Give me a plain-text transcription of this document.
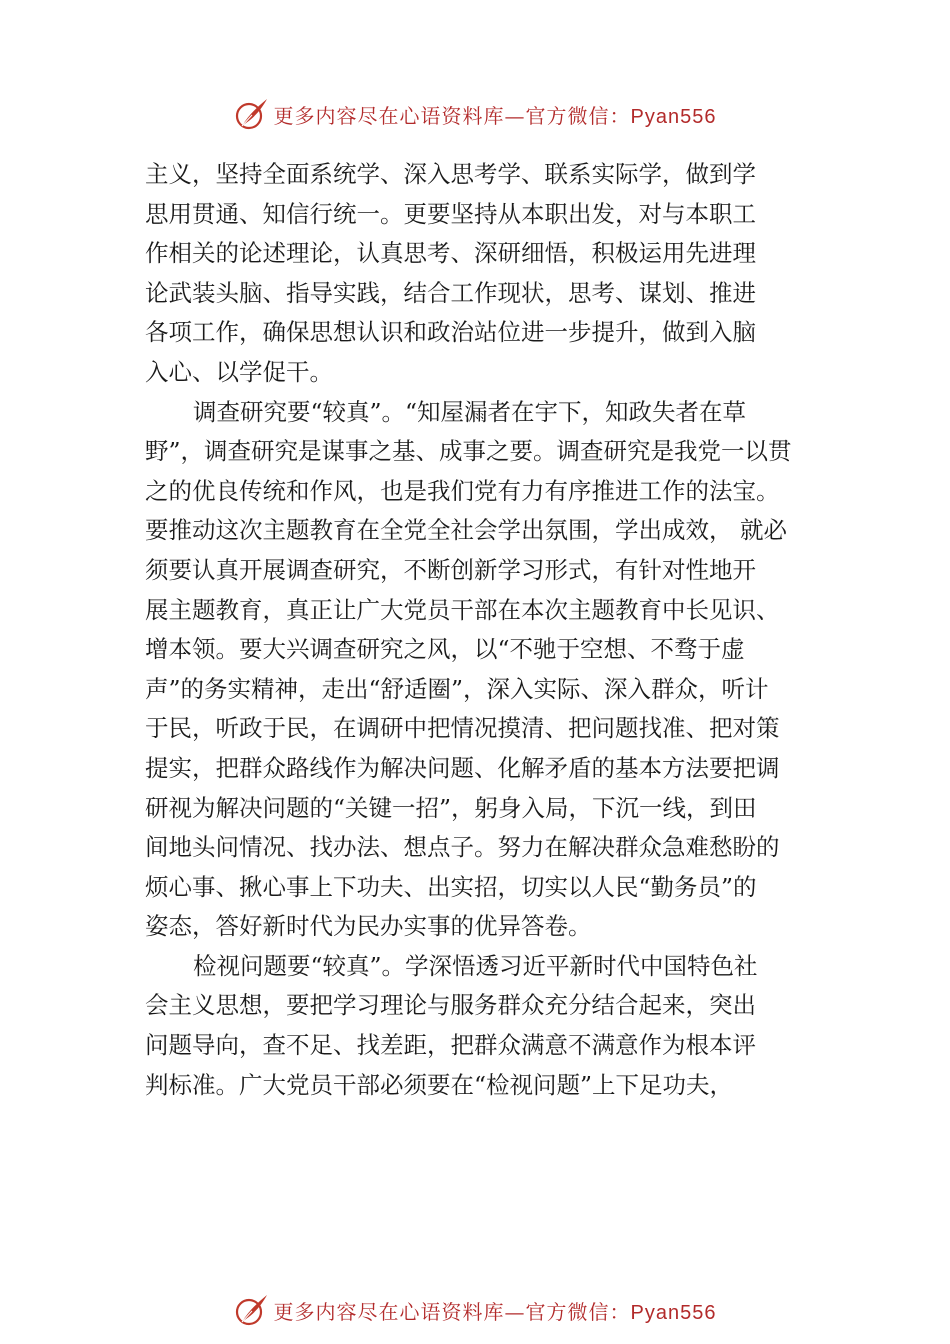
更多内容尽在心语资料库—官方微信：Pyan556
主义，坚持全面系统学、深入思考学、联系实际学，做到学
思用贯通、知信行统一。更要坚持从本职出发，对与本职工
作相关的论述理论，认真思考、深研细悟，积极运用先进理
论武装头脑、指导实践，结合工作现状，思考、谋划、推进
各项工作，确保思想认识和政治站位进一步提升，做到入脑
入心、以学促干。
调查研究要“较真”。“知屋漏者在宇下，知政失者在草
野”，调查研究是谋事之基、成事之要。调查研究是我党一以贯
之的优良传统和作风，也是我们党有力有序推进工作的法宝。
要推动这次主题教育在全党全社会学出氛围，学出成效， 就必
须要认真开展调查研究，不断创新学习形式，有针对性地开
展主题教育，真正让广大党员干部在本次主题教育中长见识、
增本领。要大兴调查研究之风，以“不驰于空想、不骛于虚
声”的务实精神，走出“舒适圈”，深入实际、深入群众，听计
于民，听政于民，在调研中把情况摸清、把问题找准、把对策
提实，把群众路线作为解决问题、化解矛盾的基本方法要把调
研视为解决问题的“关键一招”，躬身入局，下沉一线，到田
间地头问情况、找办法、想点子。努力在解决群众急难愁盼的
烦心事、揪心事上下功夫、出实招，切实以人民“勤务员”的
姿态，答好新时代为民办实事的优异答卷。
检视问题要“较真”。学深悟透习近平新时代中国特色社
会主义思想，要把学习理论与服务群众充分结合起来，突出
问题导向，查不足、找差距，把群众满意不满意作为根本评
判标准。广大党员干部必须要在“检视问题”上下足功夫，
更多内容尽在心语资料库—官方微信：Pyan556
